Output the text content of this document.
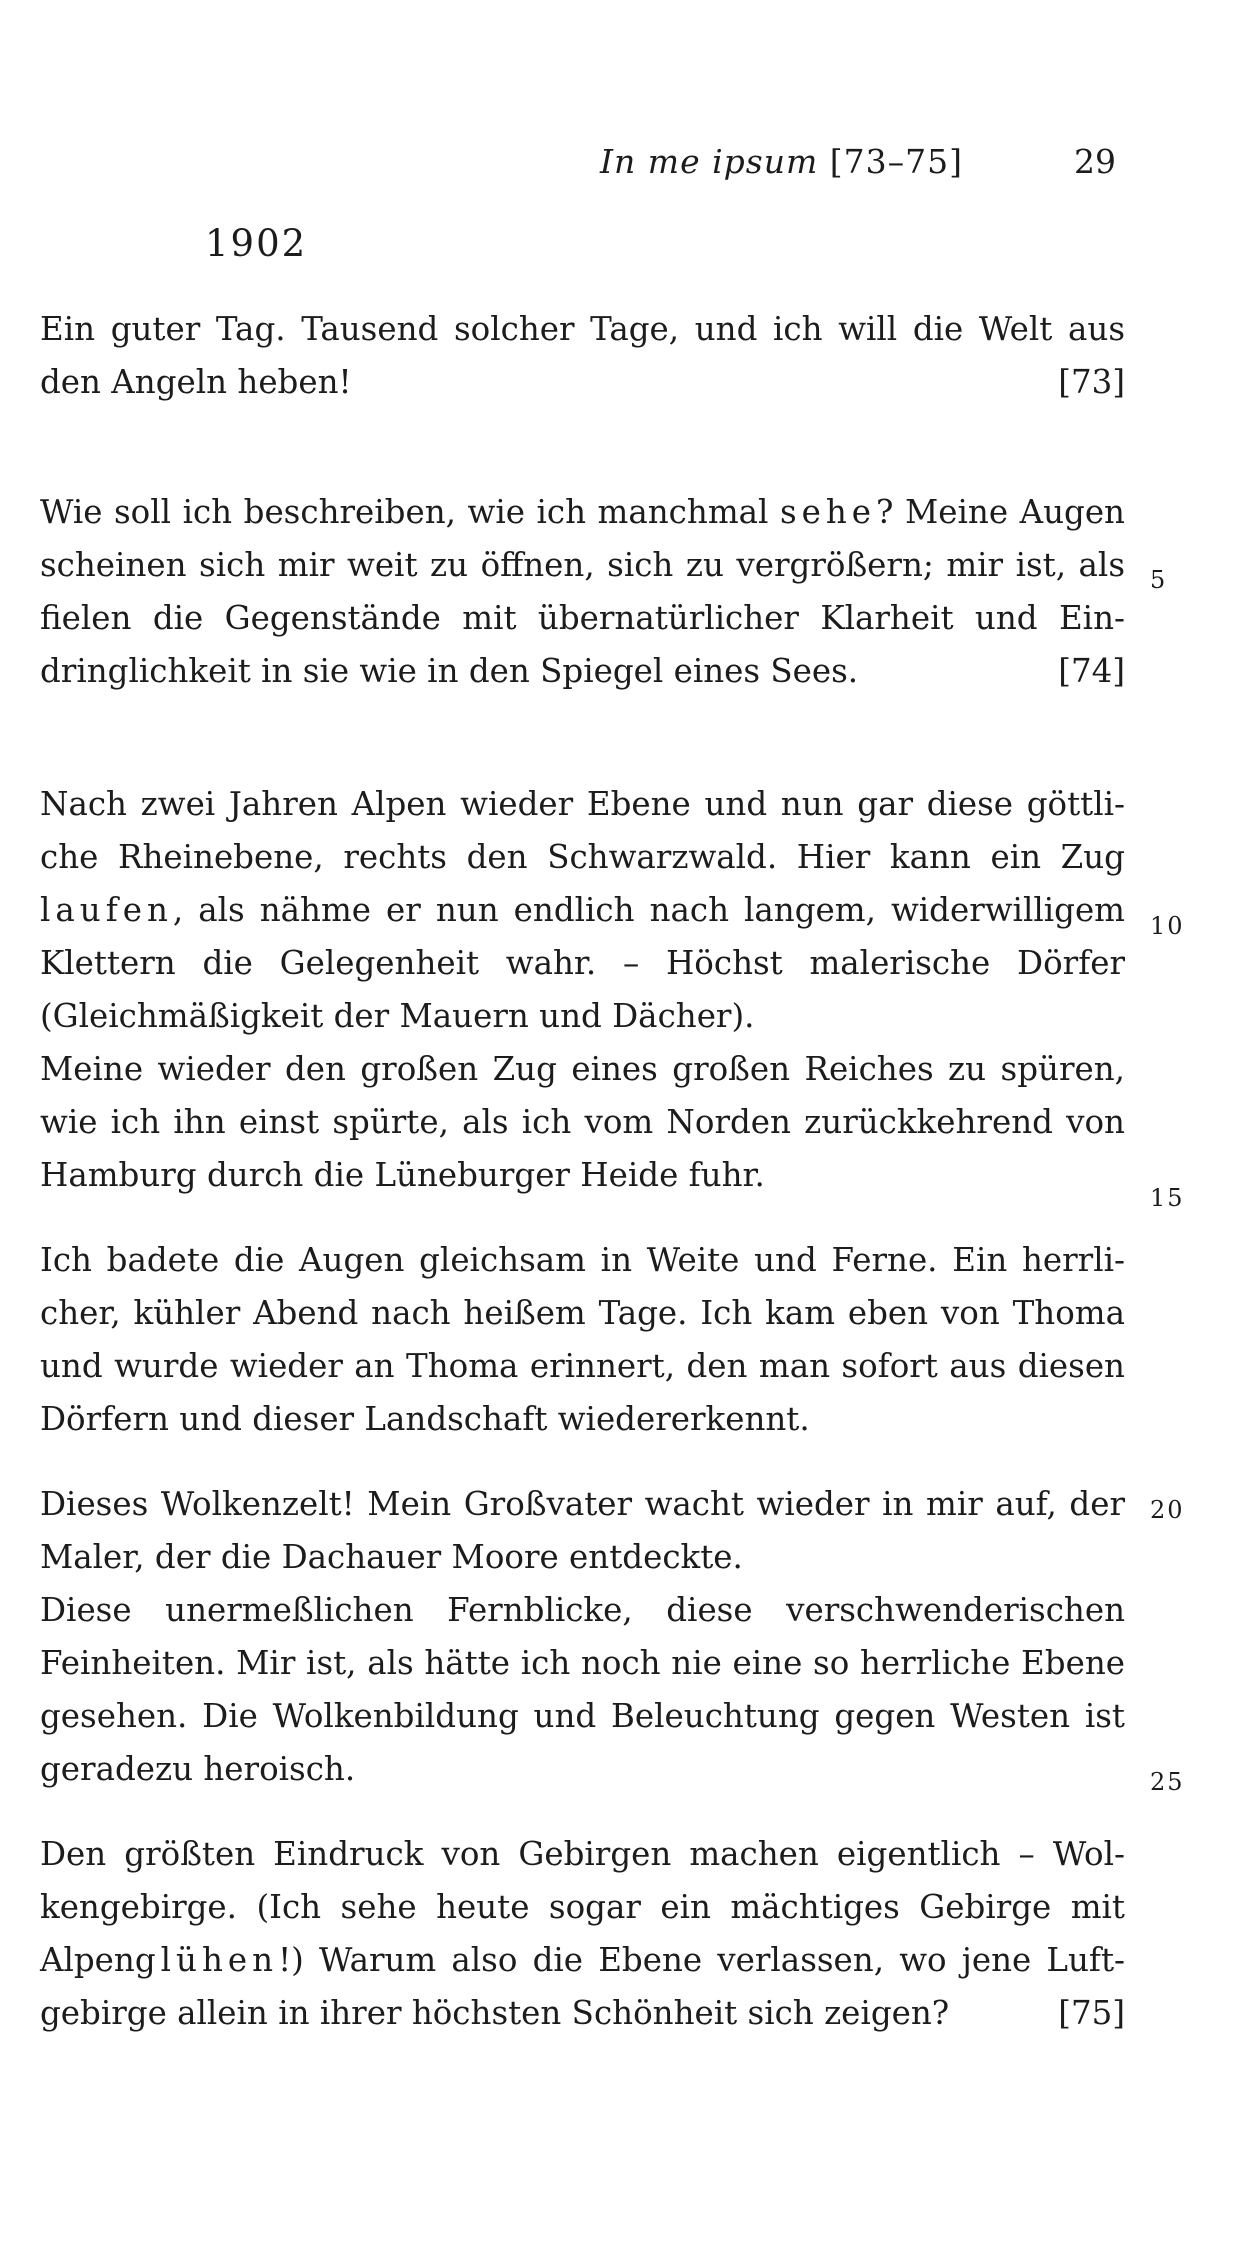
In me ipsum [73–75]	29
1902
Ein guter Tag. Tausend solcher Tage, und ich will die Welt aus
den Angeln heben!	[73]
Wie soll ich beschreiben, wie ich manchmal sehe? Meine Augen
scheinen sich mir weit zu öffnen, sich zu vergrößern; mir ist, als
fielen die Gegenstände mit übernatürlicher Klarheit und Ein-
dringlichkeit in sie wie in den Spiegel eines Sees.	[74]
Nach zwei Jahren Alpen wieder Ebene und nun gar diese göttli-
che Rheinebene, rechts den Schwarzwald. Hier kann ein Zug
laufen, als nähme er nun endlich nach langem, widerwilligem
Klettern die Gelegenheit wahr. – Höchst malerische Dörfer
(Gleichmäßigkeit der Mauern und Dächer).
Meine wieder den großen Zug eines großen Reiches zu spüren,
wie ich ihn einst spürte, als ich vom Norden zurückkehrend von
Hamburg durch die Lüneburger Heide fuhr.
Ich badete die Augen gleichsam in Weite und Ferne. Ein herrli-
cher, kühler Abend nach heißem Tage. Ich kam eben von Thoma
und wurde wieder an Thoma erinnert, den man sofort aus diesen
Dörfern und dieser Landschaft wiedererkennt.
Dieses Wolkenzelt! Mein Großvater wacht wieder in mir auf, der
Maler, der die Dachauer Moore entdeckte.
Diese unermeßlichen Fernblicke, diese verschwenderischen
Feinheiten. Mir ist, als hätte ich noch nie eine so herrliche Ebene
gesehen. Die Wolkenbildung und Beleuchtung gegen Westen ist
geradezu heroisch.
Den größten Eindruck von Gebirgen machen eigentlich – Wol-
kengebirge. (Ich sehe heute sogar ein mächtiges Gebirge mit
Alpenglühen!) Warum also die Ebene verlassen, wo jene Luft-
gebirge allein in ihrer höchsten Schönheit sich zeigen?	[75]
5
10
15
20
25
